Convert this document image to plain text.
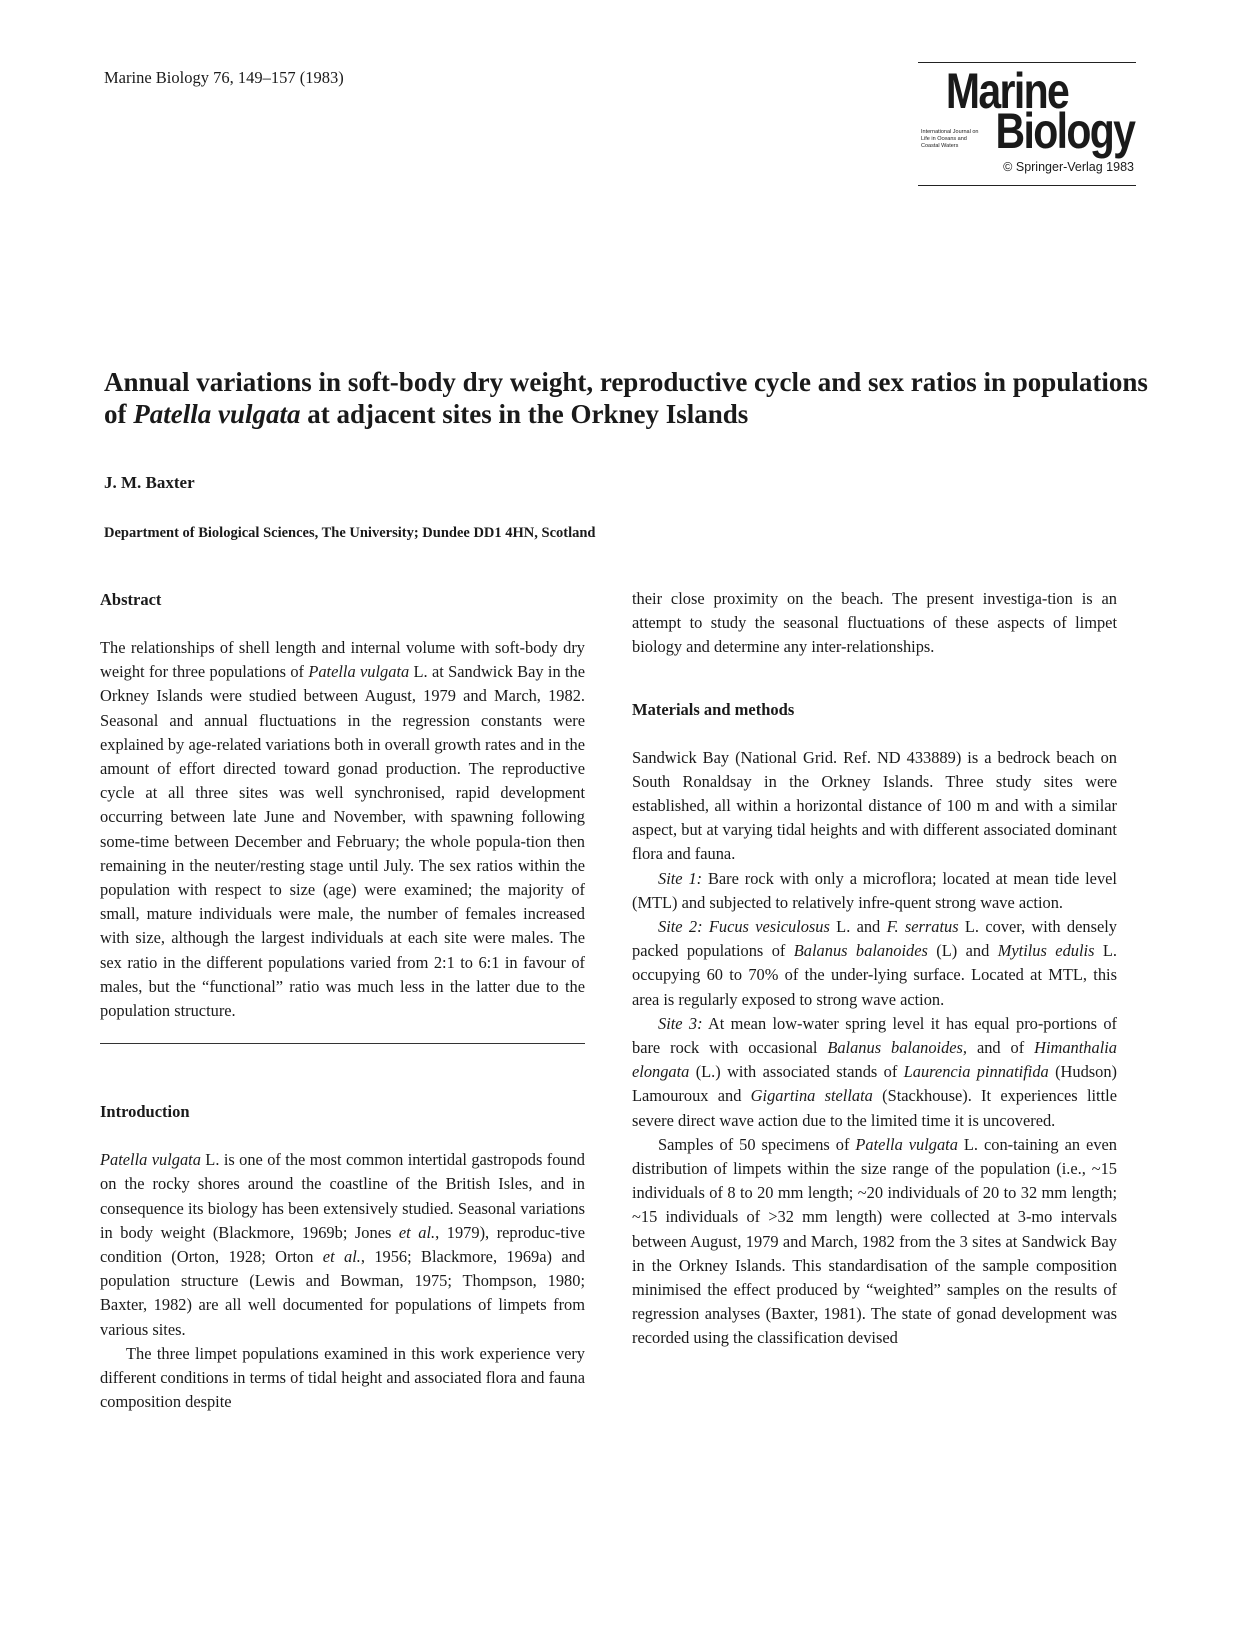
Marine Biology 76, 149–157 (1983)	Marine
International Journal on Life in Oceans and Coastal Waters Biology
© Springer-Verlag 1983
Annual variations in soft-body dry weight, reproductive cycle and sex ratios in populations of Patella vulgata at adjacent sites in the Orkney Islands
J. M. Baxter
Department of Biological Sciences, The University; Dundee DD1 4HN, Scotland
Abstract

The relationships of shell length and internal volume with soft-body dry weight for three populations of Patella vulgata L. at Sandwick Bay in the Orkney Islands were studied between August, 1979 and March, 1982. Seasonal and annual fluctuations in the regression constants were explained by age-related variations both in overall growth rates and in the amount of effort directed toward gonad production. The reproductive cycle at all three sites was well synchronised, rapid development occurring between late June and November, with spawning following some-time between December and February; the whole popula-tion then remaining in the neuter/resting stage until July. The sex ratios within the population with respect to size (age) were examined; the majority of small, mature individuals were male, the number of females increased with size, although the largest individuals at each site were males. The sex ratio in the different populations varied from 2:1 to 6:1 in favour of males, but the “functional” ratio was much less in the latter due to the population structure.

Introduction

Patella vulgata L. is one of the most common intertidal gastropods found on the rocky shores around the coastline of the British Isles, and in consequence its biology has been extensively studied. Seasonal variations in body weight (Blackmore, 1969b; Jones et al., 1979), reproduc-tive condition (Orton, 1928; Orton et al., 1956; Blackmore, 1969a) and population structure (Lewis and Bowman, 1975; Thompson, 1980; Baxter, 1982) are all well documented for populations of limpets from various sites.

The three limpet populations examined in this work experience very different conditions in terms of tidal height and associated flora and fauna composition despite

their close proximity on the beach. The present investiga-tion is an attempt to study the seasonal fluctuations of these aspects of limpet biology and determine any inter-relationships.

Materials and methods

Sandwick Bay (National Grid. Ref. ND 433889) is a bedrock beach on South Ronaldsay in the Orkney Islands. Three study sites were established, all within a horizontal distance of 100 m and with a similar aspect, but at varying tidal heights and with different associated dominant flora and fauna.

Site 1: Bare rock with only a microflora; located at mean tide level (MTL) and subjected to relatively infre-quent strong wave action.

Site 2: Fucus vesiculosus L. and F. serratus L. cover, with densely packed populations of Balanus balanoides (L) and Mytilus edulis L. occupying 60 to 70% of the under-lying surface. Located at MTL, this area is regularly exposed to strong wave action.

Site 3: At mean low-water spring level it has equal pro-portions of bare rock with occasional Balanus balanoides, and of Himanthalia elongata (L.) with associated stands of Laurencia pinnatifida (Hudson) Lamouroux and Gigartina stellata (Stackhouse). It experiences little severe direct wave action due to the limited time it is uncovered.

Samples of 50 specimens of Patella vulgata L. con-taining an even distribution of limpets within the size range of the population (i.e., ~15 individuals of 8 to 20 mm length; ~20 individuals of 20 to 32 mm length; ~15 individuals of >32 mm length) were collected at 3-mo intervals between August, 1979 and March, 1982 from the 3 sites at Sandwick Bay in the Orkney Islands. This standardisation of the sample composition minimised the effect produced by “weighted” samples on the results of regression analyses (Baxter, 1981). The state of gonad development was recorded using the classification devised
